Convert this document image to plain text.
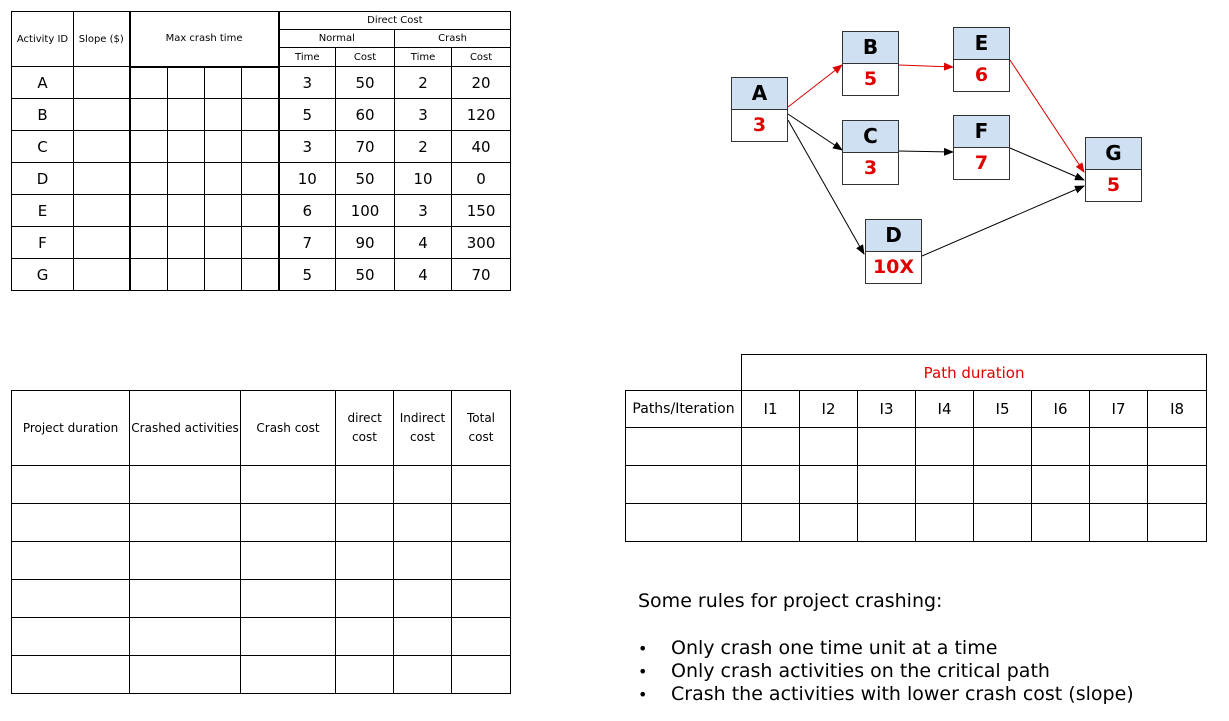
Activity ID	Slope ($)	Max crash time				Direct Cost			
						Normal		Crash	
						Time	Cost	Time	Cost
A						3	50	2	20
B						5	60	3	120
C						3	70	2	40
D						10	50	10	0
E						6	100	3	150
F						7	90	4	300
G						5	50	4	70
A
3
B
5
C
3
D
10X
E
6
F
7	G
5
Project duration	Crashed activities	Crash cost	direct cost	Indirect cost	Total cost

	Path duration							
Paths/Iteration	I1	I2	I3	I4	I5	I6	I7	I8

Some rules for project crashing:
• Only crash one time unit at a time
• Only crash activities on the critical path
• Crash the activities with lower crash cost (slope)
